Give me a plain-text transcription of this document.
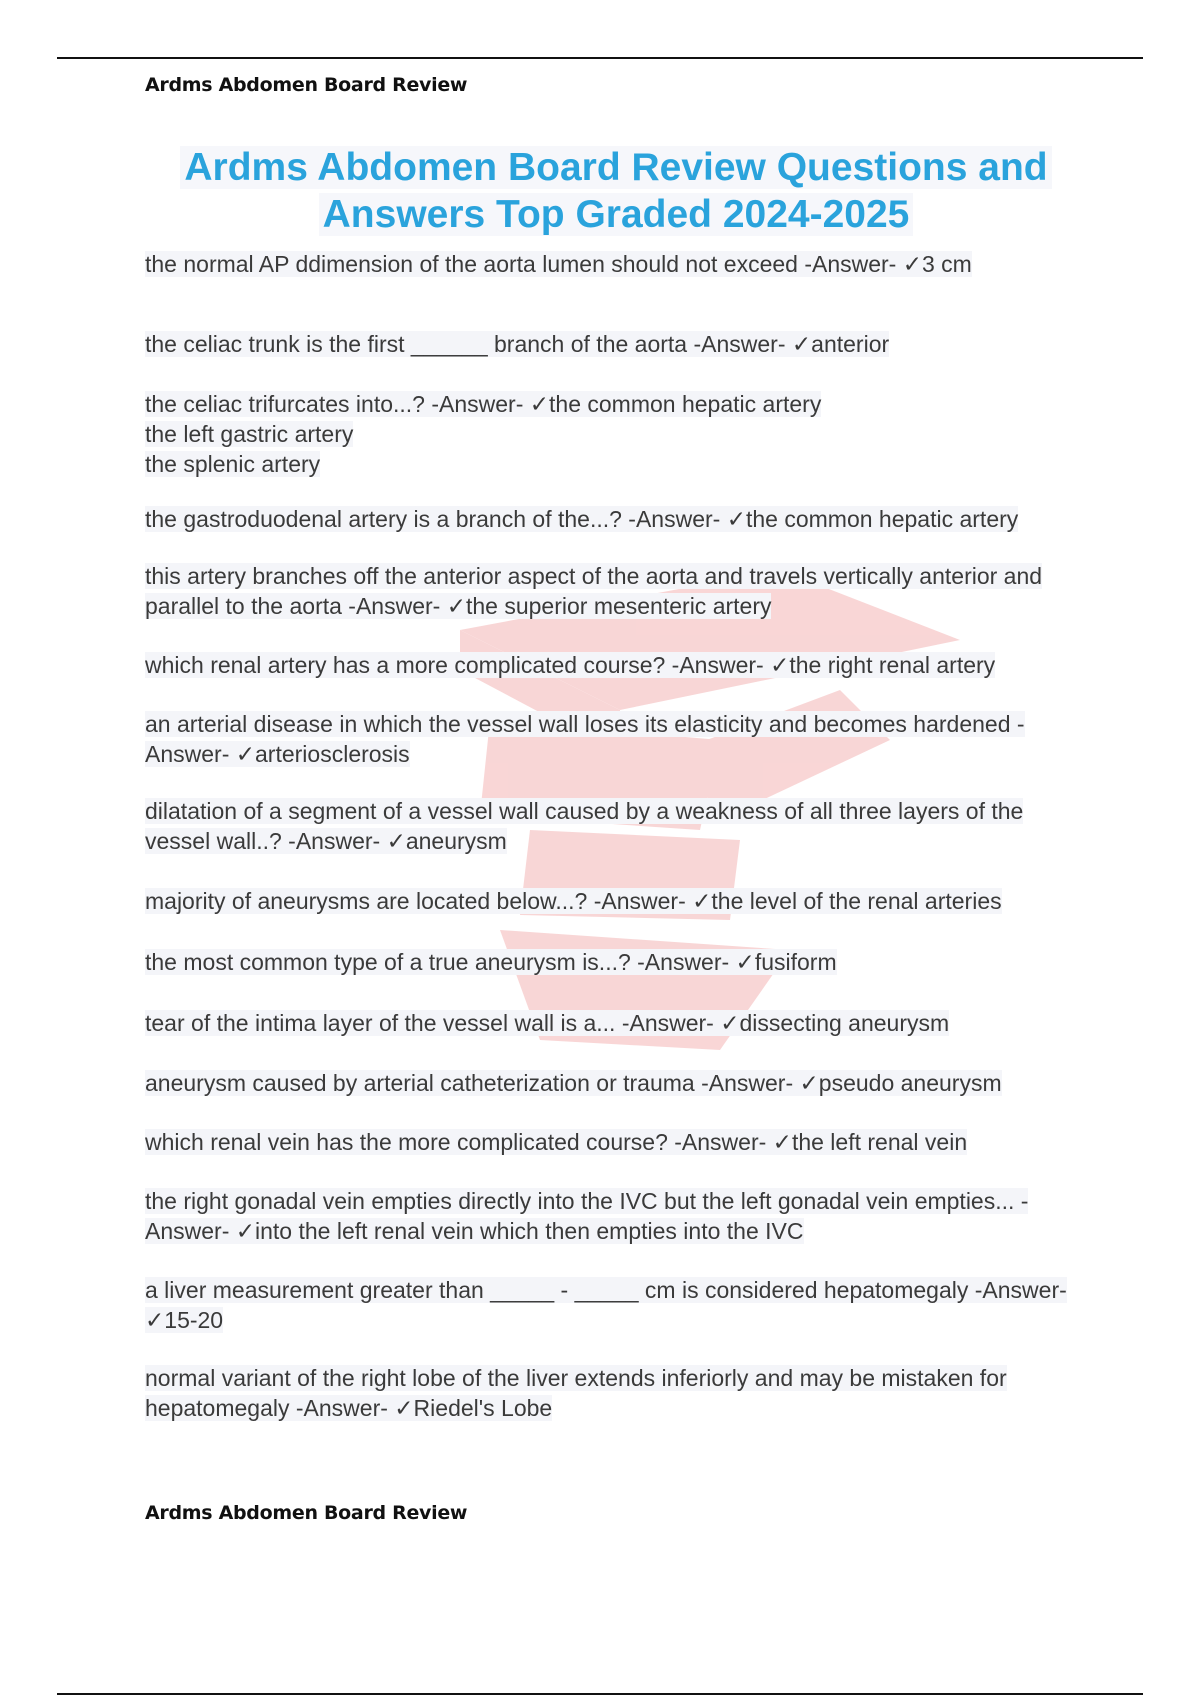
Ardms Abdomen Board Review
Ardms Abdomen Board Review Questions and
Answers Top Graded 2024-2025
the normal AP ddimension of the aorta lumen should not exceed -Answer- ✓3 cm
the celiac trunk is the first ______ branch of the aorta -Answer- ✓anterior
the celiac trifurcates into...? -Answer- ✓the common hepatic artery
the left gastric artery
the splenic artery
the gastroduodenal artery is a branch of the...? -Answer- ✓the common hepatic artery
this artery branches off the anterior aspect of the aorta and travels vertically anterior and parallel to the aorta -Answer- ✓the superior mesenteric artery
which renal artery has a more complicated course? -Answer- ✓the right renal artery
an arterial disease in which the vessel wall loses its elasticity and becomes hardened -Answer- ✓arteriosclerosis
dilatation of a segment of a vessel wall caused by a weakness of all three layers of the vessel wall..? -Answer- ✓aneurysm
majority of aneurysms are located below...? -Answer- ✓the level of the renal arteries
the most common type of a true aneurysm is...? -Answer- ✓fusiform
tear of the intima layer of the vessel wall is a... -Answer- ✓dissecting aneurysm
aneurysm caused by arterial catheterization or trauma -Answer- ✓pseudo aneurysm
which renal vein has the more complicated course? -Answer- ✓the left renal vein
the right gonadal vein empties directly into the IVC but the left gonadal vein empties... -Answer- ✓into the left renal vein which then empties into the IVC
a liver measurement greater than _____ - _____ cm is considered hepatomegaly -Answer- ✓15-20
normal variant of the right lobe of the liver extends inferiorly and may be mistaken for hepatomegaly -Answer- ✓Riedel's Lobe
Ardms Abdomen Board Review
